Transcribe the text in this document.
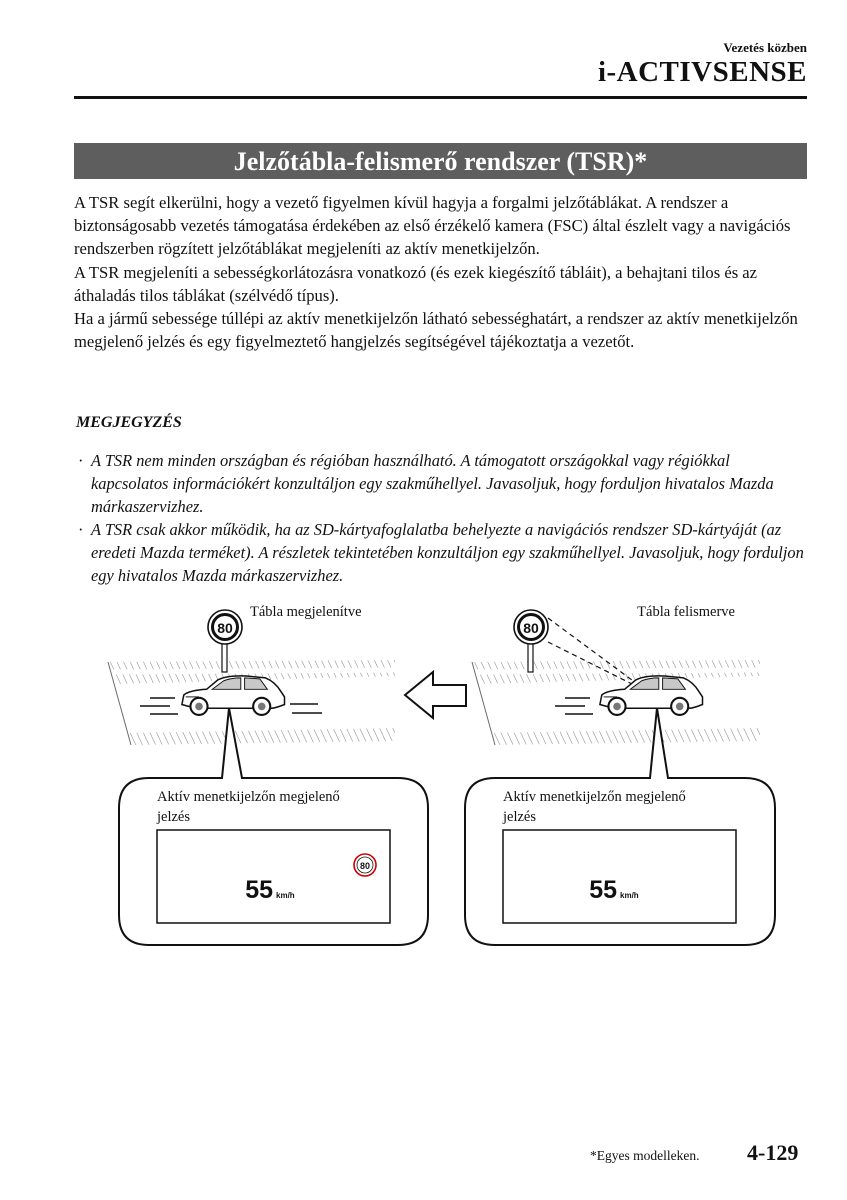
Vezetés közben
i-ACTIVSENSE
Jelzőtábla-felismerő rendszer (TSR)*

A TSR segít elkerülni, hogy a vezető figyelmen kívül hagyja a forgalmi jelzőtáblákat. A rendszer a biztonságosabb vezetés támogatása érdekében az első érzékelő kamera (FSC) által észlelt vagy a navigációs rendszerben rögzített jelzőtáblákat megjeleníti az aktív menetkijelzőn.

A TSR megjeleníti a sebességkorlátozásra vonatkozó (és ezek kiegészítő tábláit), a behajtani tilos és az áthaladás tilos táblákat (szélvédő típus).

Ha a jármű sebessége túllépi az aktív menetkijelzőn látható sebességhatárt, a rendszer az aktív menetkijelzőn megjelenő jelzés és egy figyelmeztető hangjelzés segítségével tájékoztatja a vezetőt.

MEGJEGYZÉS
· A TSR nem minden országban és régióban használható. A támogatott országokkal vagy régiókkal kapcsolatos információkért konzultáljon egy szakműhellyel. Javasoljuk, hogy forduljon hivatalos Mazda márkaszervizhez.
· A TSR csak akkor működik, ha az SD-kártyafoglalatba behelyezte a navigációs rendszer SD-kártyáját (az eredeti Mazda terméket). A részletek tekintetében konzultáljon egy szakműhellyel. Javasoljuk, hogy forduljon egy hivatalos Mazda márkaszervizhez.
80
Tábla megjelenítve
80
Tábla felismerve
Aktív menetkijelzőn megjelenő
jelzés
55 km/h
80
Aktív menetkijelzőn megjelenő
jelzés
55 km/h
*Egyes modelleken. 4-129
